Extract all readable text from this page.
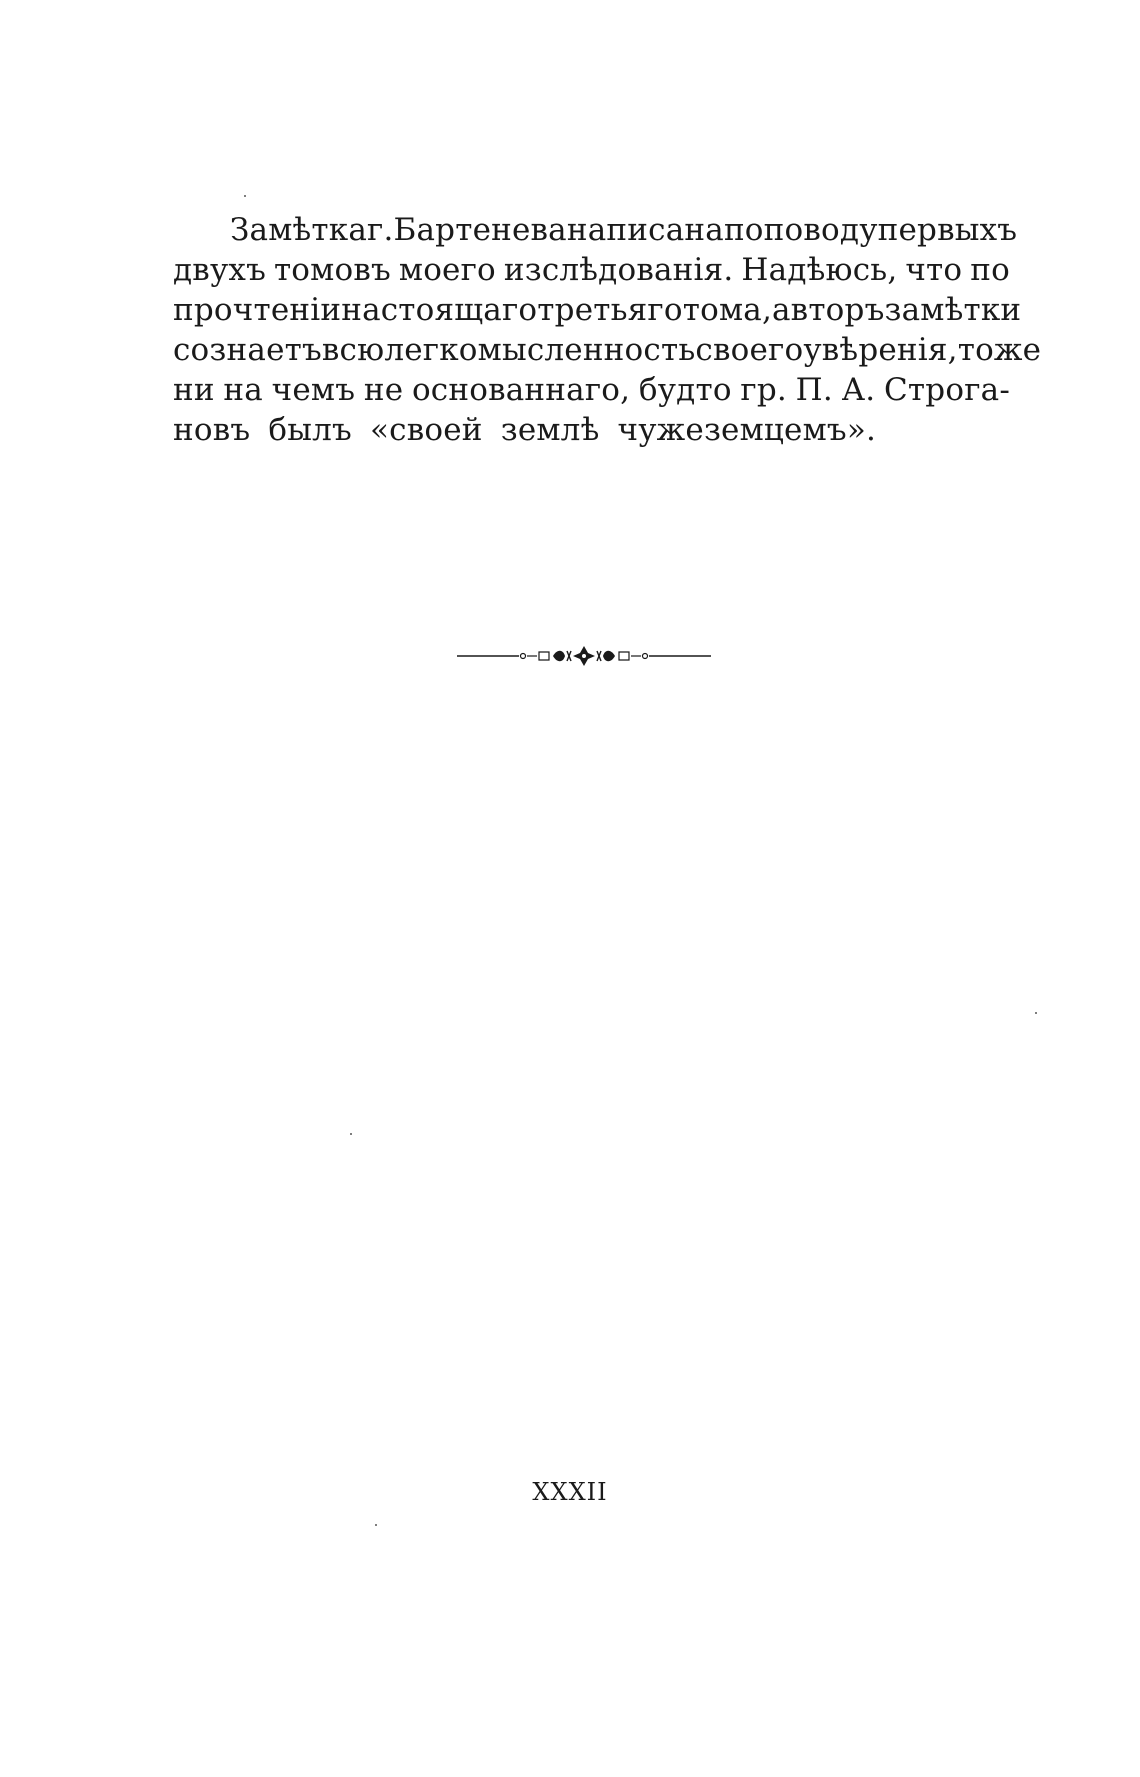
Замѣтка г. Бартенева написана по поводу первыхъ
двухъ томовъ моего изслѣдованія. Надѣюсь, что по
прочтеніи настоящаго третьяго тома, авторъ замѣтки
сознаетъ всю легкомысленность своего увѣренія, тоже
ни на чемъ не основаннаго, будто гр. П. А. Строга-
новъ
былъ
«своей
землѣ
чужеземцемъ».
XXXII
